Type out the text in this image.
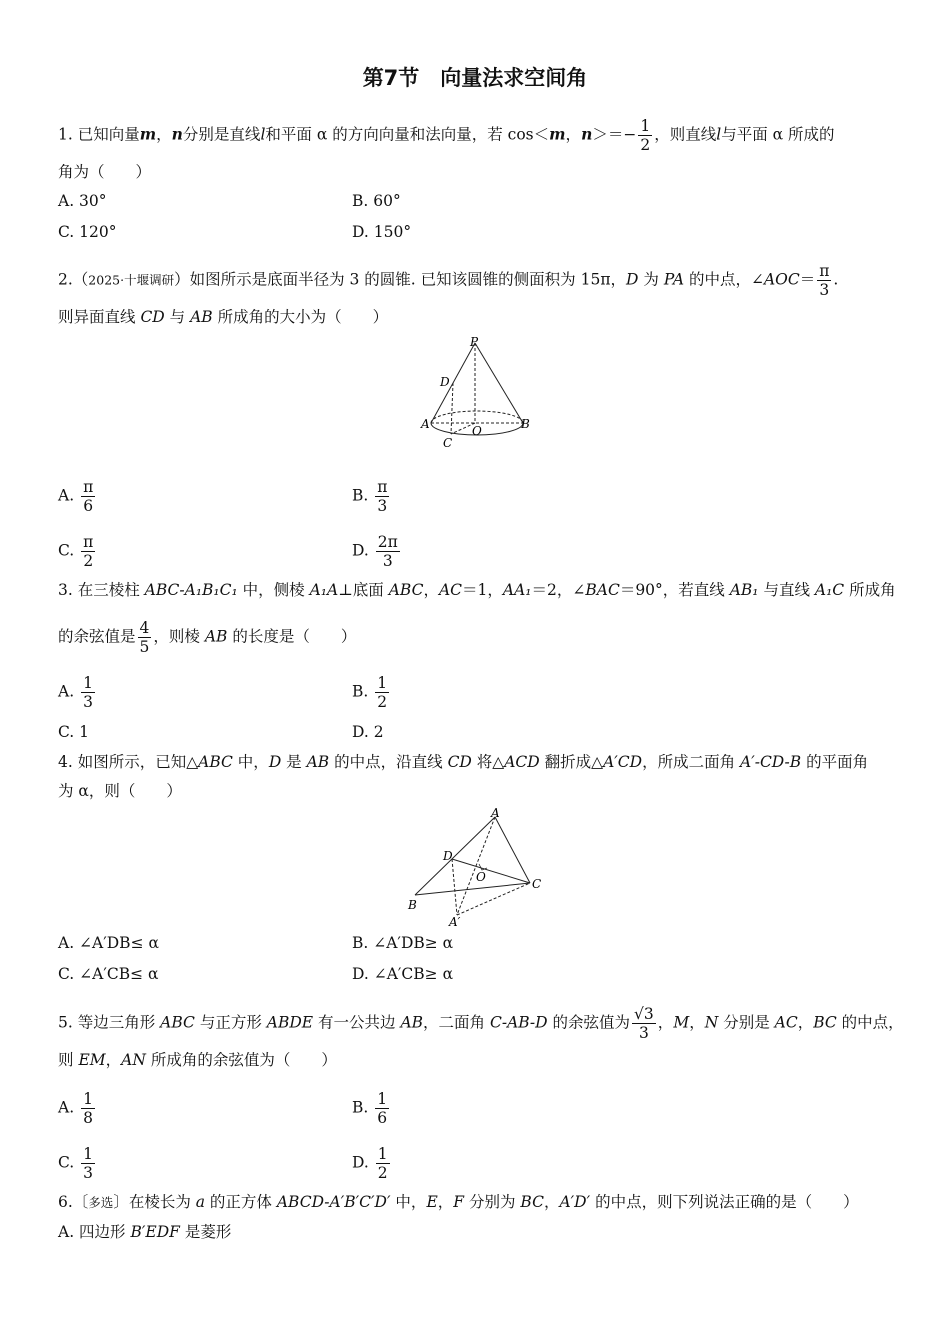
第7节　向量法求空间角
1. 已知向量m，n分别是直线l和平面 α 的方向向量和法向量，若 cos＜m，$n>=- \frac{1}{2}$ ，则直线l与平面 α 所成的
角为（　　）
A. 30°	B. 60°
C. 120°	D. 150°
2.（2025·十堰调研）如图所示是底面半径为 3 的圆锥. 已知该圆锥的侧面积为 15π，D 为 PA 的中点，∠AOC＝ $\frac{\pi}{3}$ .
则异面直线 CD 与 AB 所成角的大小为（　　）
P
D
A	O	B
C
A. $\frac{\pi}{6}$	B. $\frac{\pi}{3}$
C. $\frac{\pi}{2}$	D. $\frac{2\pi}{3}$
3. 在三棱柱 ABC-A₁B₁C₁ 中，侧棱 A₁A⊥底面 ABC，AC＝1，AA₁＝2，∠BAC＝90°，若直线 AB₁ 与直线 A₁C 所成角
的余弦值是 $\frac{4}{5}$ ，则棱 AB 的长度是（　　）
A. $\frac{1}{3}$	B. $\frac{1}{2}$
C. 1	D. 2
4. 如图所示，已知△ABC 中，D 是 AB 的中点，沿直线 CD 将△ACD 翻折成△A′CD，所成二面角 A′-CD-B 的平面角
为 α，则（　　）
A
D
O	C
B
A′
A. ∠A′DB≤ α	B. ∠A′DB≥ α
C. ∠A′CB≤ α	D. ∠A′CB≥ α
5. 等边三角形 ABC 与正方形 ABDE 有一公共边 AB，二面角 C-AB-D 的余弦值为 $\frac{√3}{3}$ ，M，N 分别是 AC，BC 的中点，
则 EM，AN 所成角的余弦值为（　　）
A. $\frac{1}{8}$	B. $\frac{1}{6}$
C. $\frac{1}{3}$	D. $\frac{1}{2}$
6.〔多选〕在棱长为 a 的正方体 ABCD-A′B′C′D′ 中，E，F 分别为 BC，A′D′ 的中点，则下列说法正确的是（　　）
A. 四边形 B′EDF 是菱形
